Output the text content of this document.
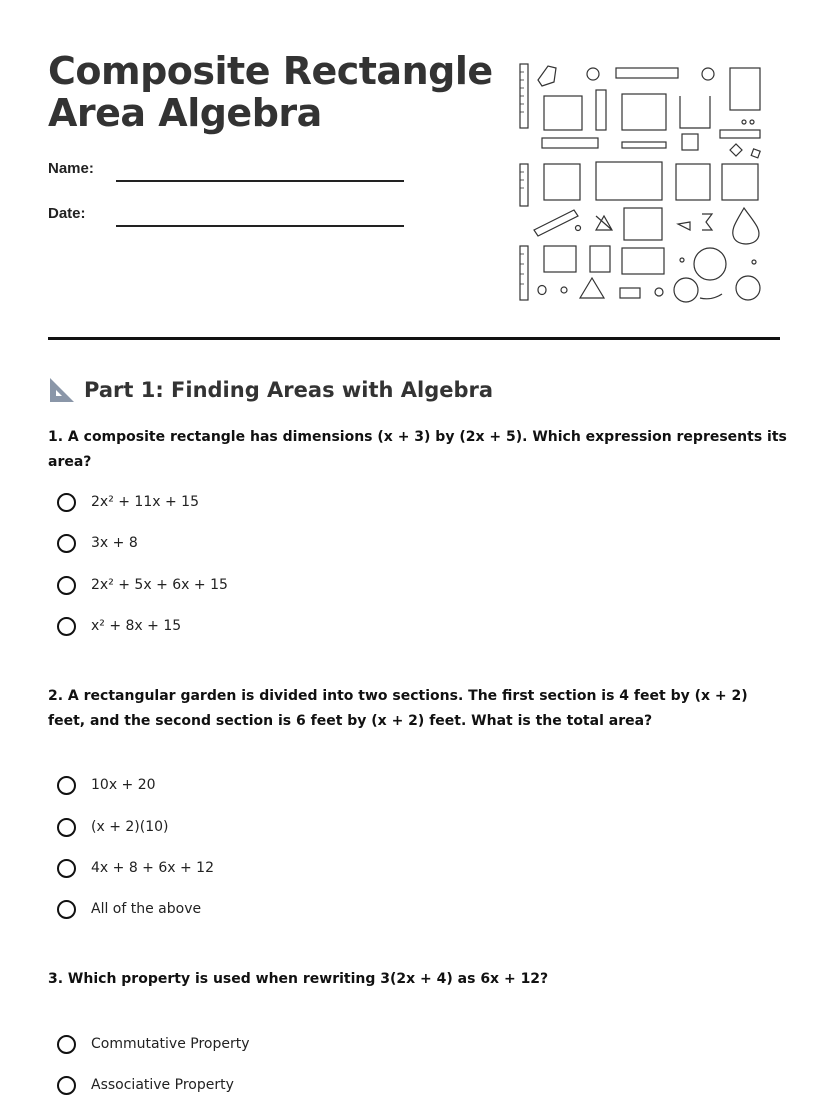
Composite Rectangle
Area Algebra
Name:
Date:
Part 1: Finding Areas with Algebra
1. A composite rectangle has dimensions (x + 3) by (2x + 5). Which expression represents its area?
2x² + 11x + 15
3x + 8
2x² + 5x + 6x + 15
x² + 8x + 15
2. A rectangular garden is divided into two sections. The first section is 4 feet by (x + 2) feet, and the second section is 6 feet by (x + 2) feet. What is the total area?
10x + 20
(x + 2)(10)
4x + 8 + 6x + 12
All of the above
3. Which property is used when rewriting 3(2x + 4) as 6x + 12?
Commutative Property
Associative Property
